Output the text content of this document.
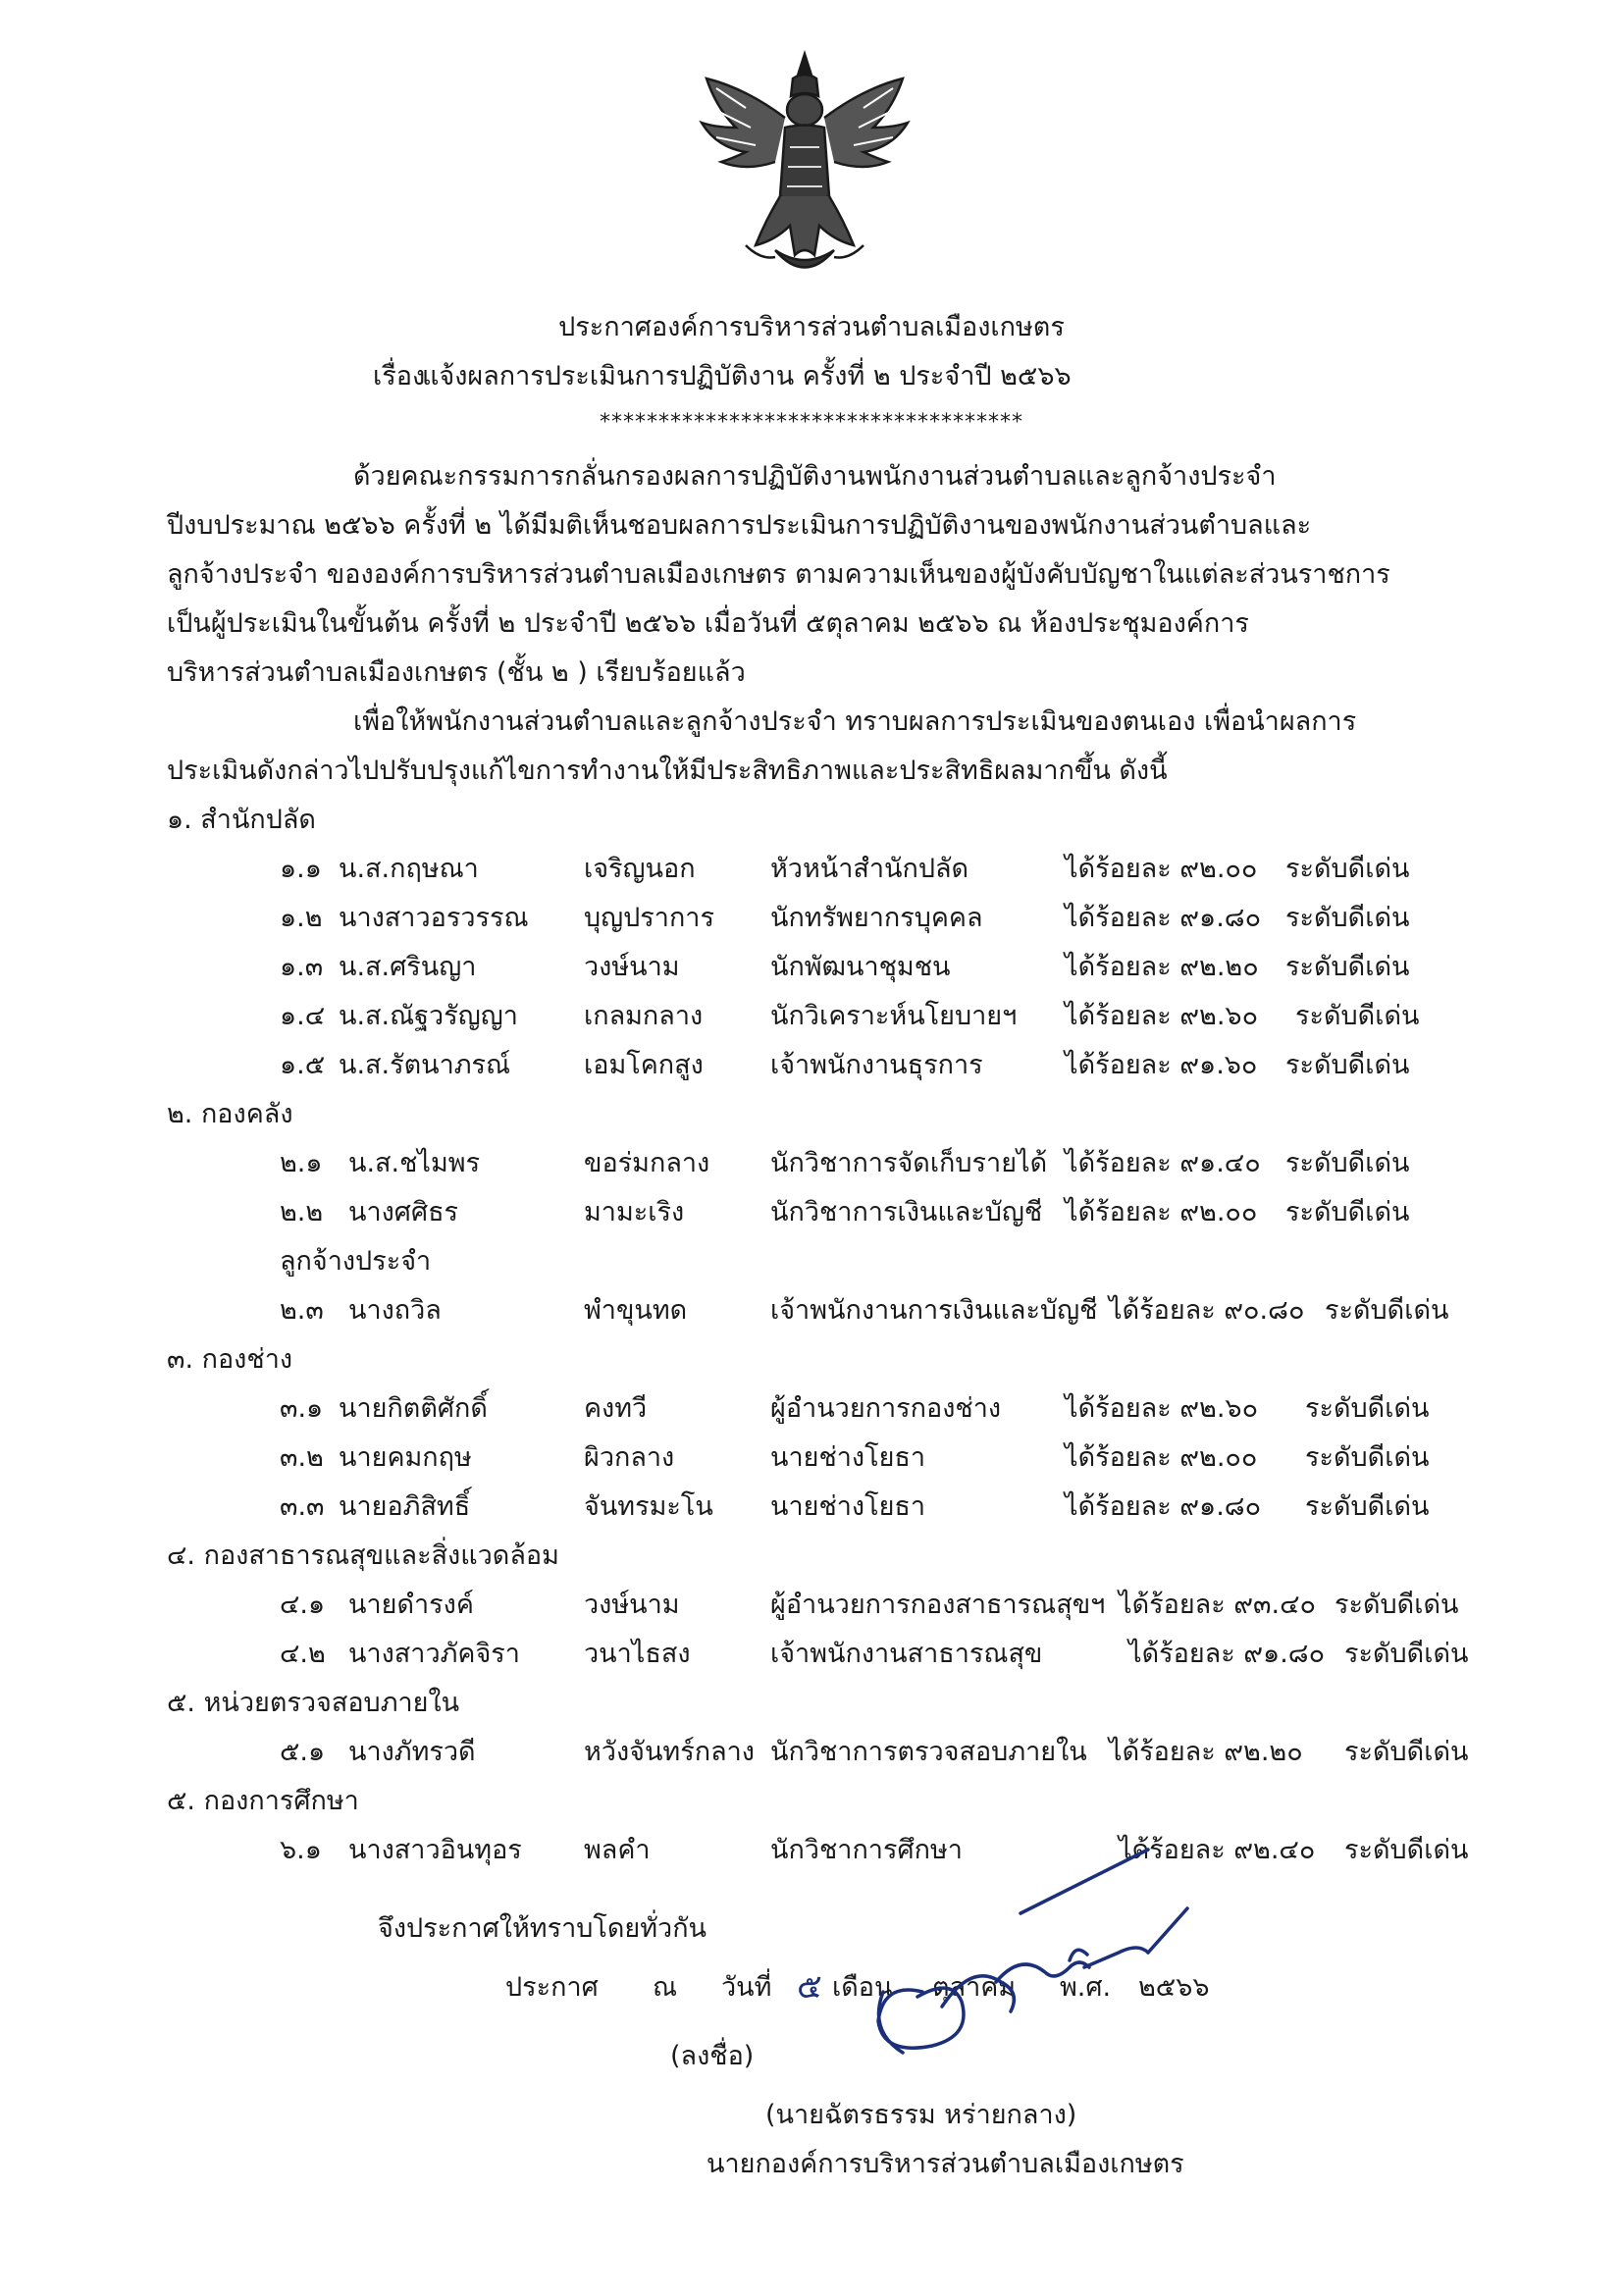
ประกาศองค์การบริหารส่วนตำบลเมืองเกษตร
เรื่อง
แจ้งผลการประเมินการปฏิบัติงาน ครั้งที่ ๒ ประจำปี ๒๕๖๖
************************************
ด้วยคณะกรรมการกลั่นกรองผลการปฏิบัติงานพนักงานส่วนตำบลและลูกจ้างประจำ
ปีงบประมาณ ๒๕๖๖ ครั้งที่ ๒ ได้มีมติเห็นชอบผลการประเมินการปฏิบัติงานของพนักงานส่วนตำบลและ
ลูกจ้างประจำ ขององค์การบริหารส่วนตำบลเมืองเกษตร ตามความเห็นของผู้บังคับบัญชาในแต่ละส่วนราชการ
เป็นผู้ประเมินในขั้นต้น ครั้งที่ ๒ ประจำปี ๒๕๖๖ เมื่อวันที่ ๕ตุลาคม ๒๕๖๖ ณ ห้องประชุมองค์การ
บริหารส่วนตำบลเมืองเกษตร (ชั้น ๒ ) เรียบร้อยแล้ว
เพื่อให้พนักงานส่วนตำบลและลูกจ้างประจำ ทราบผลการประเมินของตนเอง เพื่อนำผลการ
ประเมินดังกล่าวไปปรับปรุงแก้ไขการทำงานให้มีประสิทธิภาพและประสิทธิผลมากขึ้น ดังนี้
๑. สำนักปลัด
๑.๑ น.ส.กฤษณา	เจริญนอก	หัวหน้าสำนักปลัด	ได้ร้อยละ ๙๒.๐๐ ระดับดีเด่น
๑.๒ นางสาวอรวรรณ บุญปราการ นักทรัพยากรบุคคล	ได้ร้อยละ ๙๑.๘๐ ระดับดีเด่น
๑.๓ น.ส.ศรินญา	วงษ์นาม	นักพัฒนาชุมชน	ได้ร้อยละ ๙๒.๒๐ ระดับดีเด่น
๑.๔ น.ส.ณัฐวรัญญา เกลมกลาง	นักวิเคราะห์นโยบายฯ ได้ร้อยละ ๙๒.๖๐ ระดับดีเด่น
๑.๕ น.ส.รัตนาภรณ์	เอมโคกสูง	เจ้าพนักงานธุรการ	ได้ร้อยละ ๙๑.๖๐ ระดับดีเด่น
๒. กองคลัง
๒.๑ น.ส.ชไมพร	ขอร่มกลาง นักวิชาการจัดเก็บรายได้ ได้ร้อยละ ๙๑.๔๐ ระดับดีเด่น
๒.๒ นางศศิธร	มามะเริง	นักวิชาการเงินและบัญชี ได้ร้อยละ ๙๒.๐๐ ระดับดีเด่น
ลูกจ้างประจำ
๒.๓ นางถวิล	พำขุนทด	เจ้าพนักงานการเงินและบัญชี ได้ร้อยละ ๙๐.๘๐ ระดับดีเด่น
๓. กองช่าง
๓.๑ นายกิตติศักดิ์	คงทวี	ผู้อำนวยการกองช่าง ได้ร้อยละ ๙๒.๖๐ ระดับดีเด่น
๓.๒ นายคมกฤษ	ผิวกลาง	นายช่างโยธา	ได้ร้อยละ ๙๒.๐๐ ระดับดีเด่น
๓.๓ นายอภิสิทธิ์	จันทรมะโน นายช่างโยธา	ได้ร้อยละ ๙๑.๘๐ ระดับดีเด่น
๔. กองสาธารณสุขและสิ่งแวดล้อม
๔.๑ นายดำรงค์	วงษ์นาม	ผู้อำนวยการกองสาธารณสุขฯ ได้ร้อยละ ๙๓.๔๐ ระดับดีเด่น
๔.๒ นางสาวภัคจิรา วนาไธสง	เจ้าพนักงานสาธารณสุข	ได้ร้อยละ ๙๑.๘๐ ระดับดีเด่น
๕. หน่วยตรวจสอบภายใน
๕.๑ นางภัทรวดี	หวังจันทร์กลาง นักวิชาการตรวจสอบภายใน ได้ร้อยละ ๙๒.๒๐ ระดับดีเด่น
๕. กองการศึกษา
๖.๑ นางสาวอินทุอร พลคำ	นักวิชาการศึกษา	ได้ร้อยละ ๙๒.๔๐ ระดับดีเด่น
จึงประกาศให้ทราบโดยทั่วกัน
ประกาศ ณ วันที่ ๕ เดือน ตุลาคม พ.ศ. ๒๕๖๖
(ลงชื่อ)
(นายฉัตรธรรม หร่ายกลาง)
นายกองค์การบริหารส่วนตำบลเมืองเกษตร
